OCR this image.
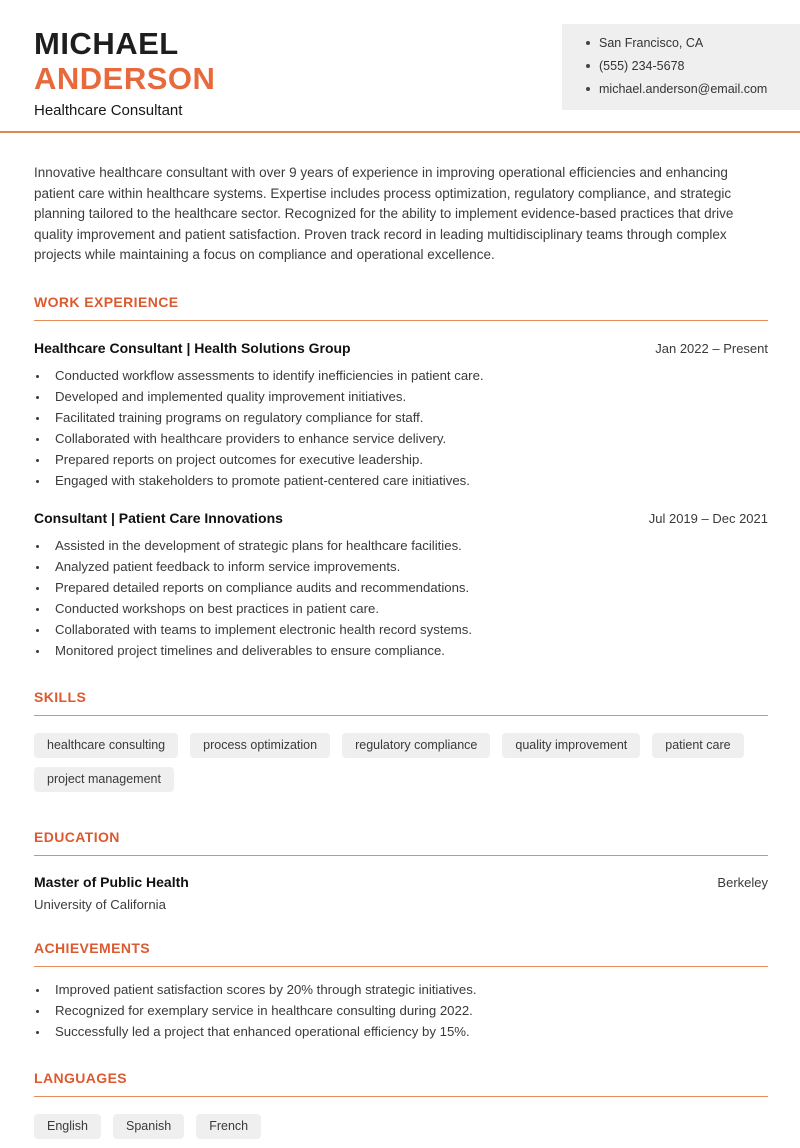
MICHAEL
ANDERSON
Healthcare Consultant
San Francisco, CA
(555) 234-5678
michael.anderson@email.com

Innovative healthcare consultant with over 9 years of experience in improving operational efficiencies and enhancing patient care within healthcare systems. Expertise includes process optimization, regulatory compliance, and strategic planning tailored to the healthcare sector. Recognized for the ability to implement evidence-based practices that drive quality improvement and patient satisfaction. Proven track record in leading multidisciplinary teams through complex projects while maintaining a focus on compliance and operational excellence.

WORK EXPERIENCE
Healthcare Consultant | Health Solutions Group	Jan 2022 – Present
• Conducted workflow assessments to identify inefficiencies in patient care.
• Developed and implemented quality improvement initiatives.
• Facilitated training programs on regulatory compliance for staff.
• Collaborated with healthcare providers to enhance service delivery.
• Prepared reports on project outcomes for executive leadership.
• Engaged with stakeholders to promote patient-centered care initiatives.
Consultant | Patient Care Innovations	Jul 2019 – Dec 2021
• Assisted in the development of strategic plans for healthcare facilities.
• Analyzed patient feedback to inform service improvements.
• Prepared detailed reports on compliance audits and recommendations.
• Conducted workshops on best practices in patient care.
• Collaborated with teams to implement electronic health record systems.
• Monitored project timelines and deliverables to ensure compliance.
SKILLS
healthcare consulting	process optimization	regulatory compliance	quality improvement	patient care
project management
EDUCATION
Master of Public Health	Berkeley
University of California
ACHIEVEMENTS
• Improved patient satisfaction scores by 20% through strategic initiatives.
• Recognized for exemplary service in healthcare consulting during 2022.
• Successfully led a project that enhanced operational efficiency by 15%.
LANGUAGES
English	Spanish	French
